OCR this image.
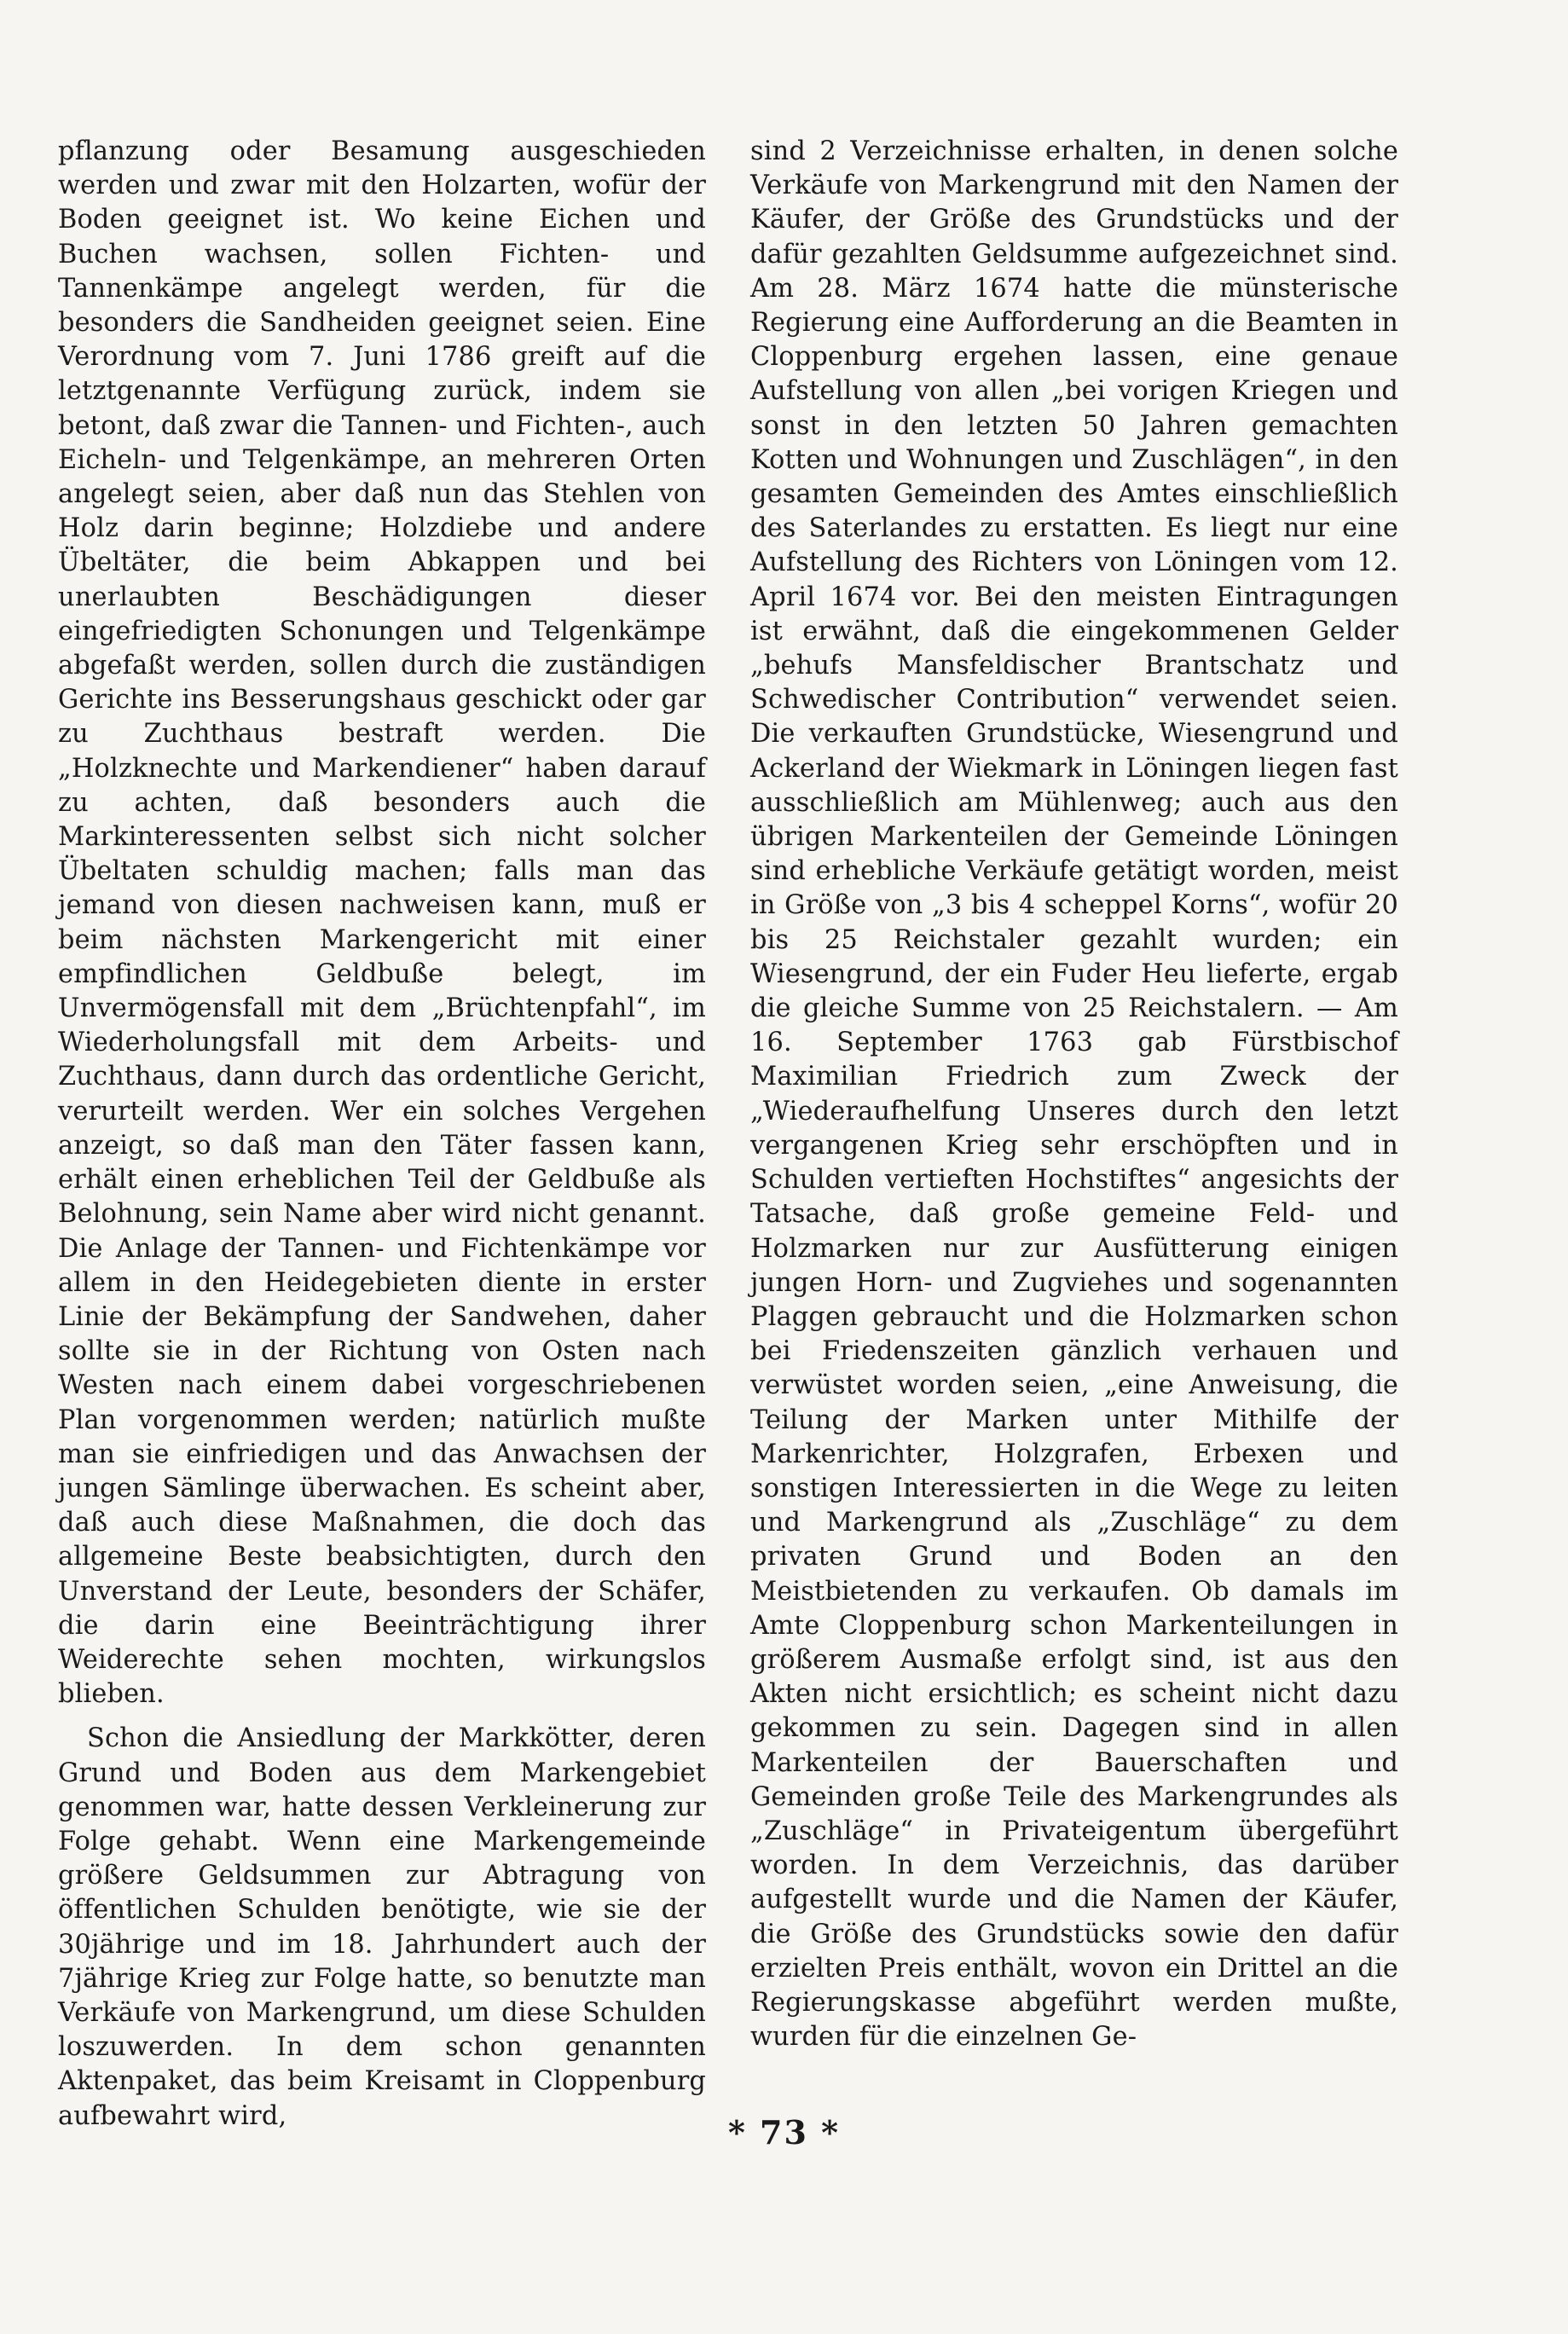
pflanzung oder Besamung ausgeschieden werden und zwar mit den Holzarten, wofür der Boden geeignet ist. Wo keine Eichen und Buchen wachsen, sollen Fichten- und Tannenkämpe angelegt werden, für die besonders die Sandheiden geeignet seien. Eine Verordnung vom 7. Juni 1786 greift auf die letztgenannte Verfügung zurück, indem sie betont, daß zwar die Tannen- und Fichten-, auch Eicheln- und Telgenkämpe, an mehreren Orten angelegt seien, aber daß nun das Stehlen von Holz darin beginne; Holzdiebe und andere Übeltäter, die beim Abkappen und bei unerlaubten Beschädigungen dieser eingefriedigten Schonungen und Telgenkämpe abgefaßt werden, sollen durch die zuständigen Gerichte ins Besserungshaus geschickt oder gar zu Zuchthaus bestraft werden. Die „Holzknechte und Markendiener“ haben darauf zu achten, daß besonders auch die Markinteressenten selbst sich nicht solcher Übeltaten schuldig machen; falls man das jemand von diesen nachweisen kann, muß er beim nächsten Markengericht mit einer empfindlichen Geldbuße belegt, im Unvermögensfall mit dem „Brüchtenpfahl“, im Wiederholungsfall mit dem Arbeits- und Zuchthaus, dann durch das ordentliche Gericht, verurteilt werden. Wer ein solches Vergehen anzeigt, so daß man den Täter fassen kann, erhält einen erheblichen Teil der Geldbuße als Belohnung, sein Name aber wird nicht genannt. Die Anlage der Tannen- und Fichtenkämpe vor allem in den Heidegebieten diente in erster Linie der Bekämpfung der Sandwehen, daher sollte sie in der Richtung von Osten nach Westen nach einem dabei vorgeschriebenen Plan vorgenommen werden; natürlich mußte man sie einfriedigen und das Anwachsen der jungen Sämlinge überwachen. Es scheint aber, daß auch diese Maßnahmen, die doch das allgemeine Beste beabsichtigten, durch den Unverstand der Leute, besonders der Schäfer, die darin eine Beeinträchtigung ihrer Weiderechte sehen mochten, wirkungslos blieben.

Schon die Ansiedlung der Markkötter, deren Grund und Boden aus dem Markengebiet genommen war, hatte dessen Verkleinerung zur Folge gehabt. Wenn eine Markengemeinde größere Geldsummen zur Abtragung von öffentlichen Schulden benötigte, wie sie der 30jährige und im 18. Jahrhundert auch der 7jährige Krieg zur Folge hatte, so benutzte man Verkäufe von Markengrund, um diese Schulden loszuwerden. In dem schon genannten Aktenpaket, das beim Kreisamt in Cloppenburg aufbewahrt wird,

sind 2 Verzeichnisse erhalten, in denen solche Verkäufe von Markengrund mit den Namen der Käufer, der Größe des Grundstücks und der dafür gezahlten Geldsumme aufgezeichnet sind. Am 28. März 1674 hatte die münsterische Regierung eine Aufforderung an die Beamten in Cloppenburg ergehen lassen, eine genaue Aufstellung von allen „bei vorigen Kriegen und sonst in den letzten 50 Jahren gemachten Kotten und Wohnungen und Zuschlägen“, in den gesamten Gemeinden des Amtes einschließlich des Saterlandes zu erstatten. Es liegt nur eine Aufstellung des Richters von Löningen vom 12. April 1674 vor. Bei den meisten Eintragungen ist erwähnt, daß die eingekommenen Gelder „behufs Mansfeldischer Brantschatz und Schwedischer Contribution“ verwendet seien. Die verkauften Grundstücke, Wiesengrund und Ackerland der Wiekmark in Löningen liegen fast ausschließlich am Mühlenweg; auch aus den übrigen Markenteilen der Gemeinde Löningen sind erhebliche Verkäufe getätigt worden, meist in Größe von „3 bis 4 scheppel Korns“, wofür 20 bis 25 Reichstaler gezahlt wurden; ein Wiesengrund, der ein Fuder Heu lieferte, ergab die gleiche Summe von 25 Reichstalern. — Am 16. September 1763 gab Fürstbischof Maximilian Friedrich zum Zweck der „Wiederaufhelfung Unseres durch den letzt vergangenen Krieg sehr erschöpften und in Schulden vertieften Hochstiftes“ angesichts der Tatsache, daß große gemeine Feld- und Holzmarken nur zur Ausfütterung einigen jungen Horn- und Zugviehes und sogenannten Plaggen gebraucht und die Holzmarken schon bei Friedenszeiten gänzlich verhauen und verwüstet worden seien, „eine Anweisung, die Teilung der Marken unter Mithilfe der Markenrichter, Holzgrafen, Erbexen und sonstigen Interessierten in die Wege zu leiten und Markengrund als „Zuschläge“ zu dem privaten Grund und Boden an den Meistbietenden zu verkaufen. Ob damals im Amte Cloppenburg schon Markenteilungen in größerem Ausmaße erfolgt sind, ist aus den Akten nicht ersichtlich; es scheint nicht dazu gekommen zu sein. Dagegen sind in allen Markenteilen der Bauerschaften und Gemeinden große Teile des Markengrundes als „Zuschläge“ in Privateigentum übergeführt worden. In dem Verzeichnis, das darüber aufgestellt wurde und die Namen der Käufer, die Größe des Grundstücks sowie den dafür erzielten Preis enthält, wovon ein Drittel an die Regierungskasse abgeführt werden mußte, wurden für die einzelnen Ge-

* 73 *
